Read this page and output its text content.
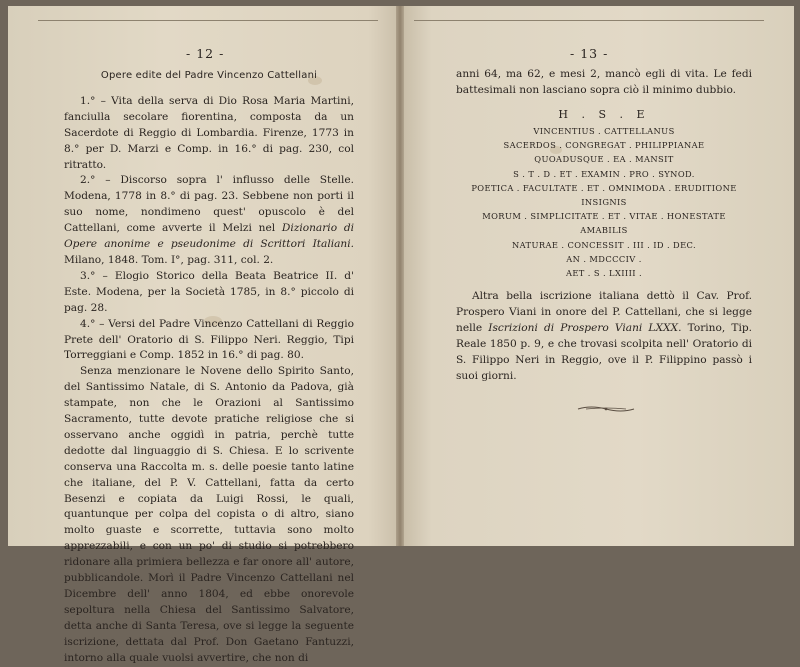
- 12 -

Opere edite del Padre Vincenzo Cattellani

1.° – Vita della serva di Dio Rosa Maria Martini, fanciulla secolare fiorentina, composta da un Sacerdote di Reggio di Lombardia. Firenze, 1773 in 8.° per D. Marzi e Comp. in 16.° di pag. 230, col ritratto.

2.° – Discorso sopra l' influsso delle Stelle. Modena, 1778 in 8.° di pag. 23. Sebbene non porti il suo nome, nondimeno quest' opuscolo è del Cattellani, come avverte il Melzi nel Dizionario di Opere anonime e pseudonime di Scrittori Italiani. Milano, 1848. Tom. I°, pag. 311, col. 2.

3.° – Elogio Storico della Beata Beatrice II. d' Este. Modena, per la Società 1785, in 8.° piccolo di pag. 28.

4.° – Versi del Padre Vincenzo Cattellani di Reggio Prete dell' Oratorio di S. Filippo Neri. Reggio, Tipi Torreggiani e Comp. 1852 in 16.° di pag. 80.

Senza menzionare le Novene dello Spirito Santo, del Santissimo Natale, di S. Antonio da Padova, già stampate, non che le Orazioni al Santissimo Sacramento, tutte devote pratiche religiose che si osservano anche oggidì in patria, perchè tutte dedotte dal linguaggio di S. Chiesa. E lo scrivente conserva una Raccolta m. s. delle poesie tanto latine che italiane, del P. V. Cattellani, fatta da certo Besenzi e copiata da Luigi Rossi, le quali, quantunque per colpa del copista o di altro, siano molto guaste e scorrette, tuttavia sono molto apprezzabili, e con un po' di studio si potrebbero ridonare alla primiera bellezza e far onore all' autore, pubblicandole. Morì il Padre Vincenzo Cattellani nel Dicembre dell' anno 1804, ed ebbe onorevole sepoltura nella Chiesa del Santissimo Salvatore, detta anche di Santa Teresa, ove si legge la seguente iscrizione, dettata dal Prof. Don Gaetano Fantuzzi, intorno alla quale vuolsi avvertire, che non di

- 13 -

anni 64, ma 62, e mesi 2, mancò egli di vita. Le fedi battesimali non lasciano sopra ciò il minimo dubbio.

H . S . E
VINCENTIUS . CATTELLANUS
SACERDOS . CONGREGAT . PHILIPPIANAE
QUOADUSQUE . EA . MANSIT
S . T . D . ET . EXAMIN . PRO . SYNOD.
POETICA . FACULTATE . ET . OMNIMODA . ERUDITIONE
INSIGNIS
MORUM . SIMPLICITATE . ET . VITAE . HONESTATE
AMABILIS
NATURAE . CONCESSIT . III . ID . DEC.
AN . MDCCCIV .
AET . S . LXIIII .

Altra bella iscrizione italiana dettò il Cav. Prof. Prospero Viani in onore del P. Cattellani, che si legge nelle Iscrizioni di Prospero Viani LXXX. Torino, Tip. Reale 1850 p. 9, e che trovasi scolpita nell' Oratorio di S. Filippo Neri in Reggio, ove il P. Filippino passò i suoi giorni.
